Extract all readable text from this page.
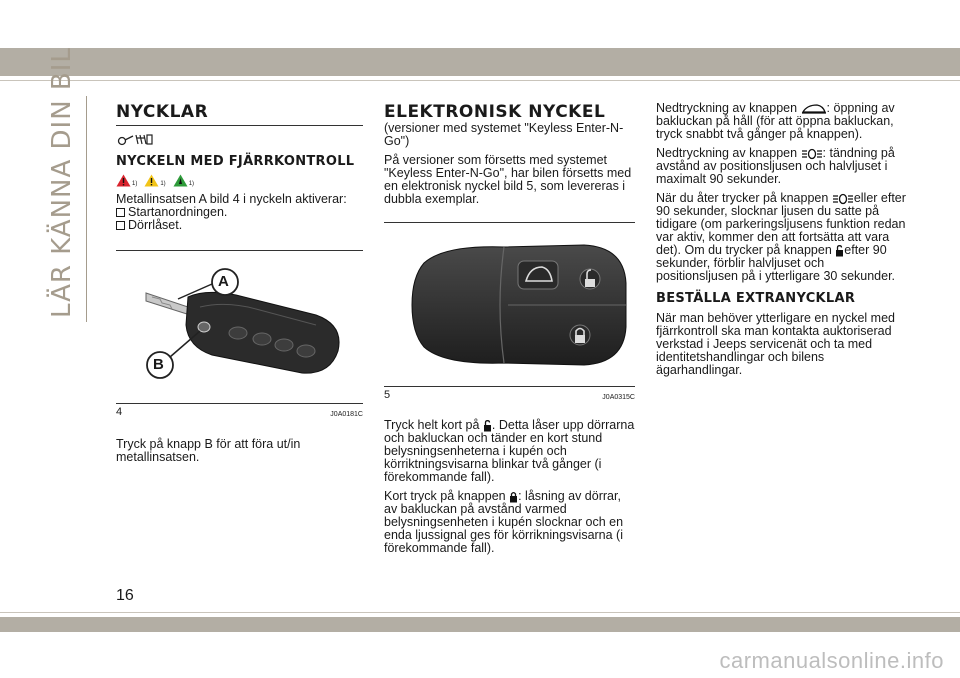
LÄR KÄNNA DIN BIL NYCKLAR
NYCKELN MED FJÄRRKONTROLL
$_{1)}$	$_{1)}$	$_{1)}$

Metallinsatsen A bild 4 i nyckeln aktiverar:

Startanordningen.
Dörrlåset.
A
B
4	J0A0181C

Tryck på knapp B för att föra ut/in metallinsatsen.

ELEKTRONISK NYCKEL

(versioner med systemet "Keyless Enter-N-Go")

På versioner som försetts med systemet "Keyless Enter-N-Go", har bilen försetts med en elektronisk nyckel bild 5, som levereras i dubbla exemplar.

5	J0A0315C

Tryck helt kort på . Detta låser upp dörrarna och bakluckan och tänder en kort stund belysningsenheterna i kupén och körriktningsvisarna blinkar två gånger (i förekommande fall).

Kort tryck på knappen : låsning av dörrar, av bakluckan på avstånd varmed belysningsenheten i kupén slocknar och en enda ljussignal ges för körrikningsvisarna (i förekommande fall).

Nedtryckning av knappen : öppning av bakluckan på håll (för att öppna bakluckan, tryck snabbt två gånger på knappen).

Nedtryckning av knappen : tändning på avstånd av positionsljusen och halvljuset i maximalt 90 sekunder.

När du åter trycker på knappen eller efter 90 sekunder, slocknar ljusen du satte på tidigare (om parkeringsljusens funktion redan var aktiv, kommer den att fortsätta att vara det). Om du trycker på knappen efter 90 sekunder, förblir halvljuset och positionsljusen på i ytterligare 30 sekunder.

BESTÄLLA EXTRANYCKLAR

När man behöver ytterligare en nyckel med fjärrkontroll ska man kontakta auktoriserad verkstad i Jeeps servicenät och ta med identitetshandlingar och bilens ägarhandlingar.

16
carmanualsonline.info
